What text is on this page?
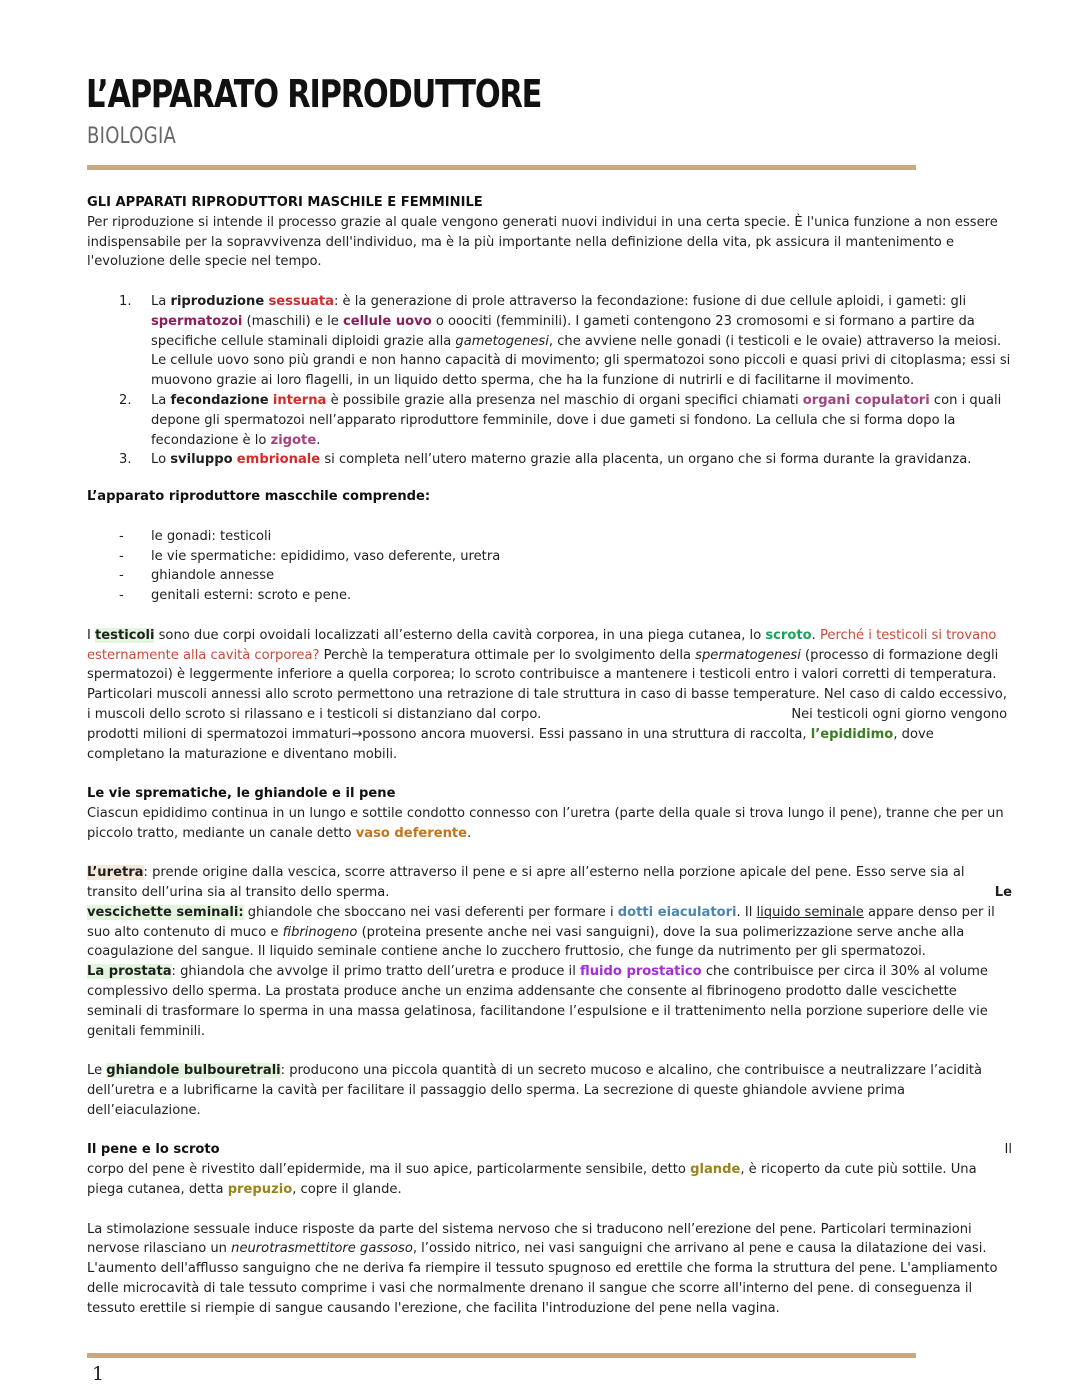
L’APPARATO RIPRODUTTORE
BIOLOGIA

GLI APPARATI RIPRODUTTORI MASCHILE E FEMMINILE

Per riproduzione si intende il processo grazie al quale vengono generati nuovi individui in una certa specie. È l'unica funzione a non essere indispensabile per la sopravvivenza dell'individuo, ma è la più importante nella definizione della vita, pk assicura il mantenimento e l'evoluzione delle specie nel tempo.

1. La riproduzione sessuata: è la generazione di prole attraverso la fecondazione: fusione di due cellule aploidi, i gameti: gli spermatozoi (maschili) e le cellule uovo o ooociti (femminili). I gameti contengono 23 cromosomi e si formano a partire da specifiche cellule staminali diploidi grazie alla gametogenesi, che avviene nelle gonadi (i testicoli e le ovaie) attraverso la meiosi. Le cellule uovo sono più grandi e non hanno capacità di movimento; gli spermatozoi sono piccoli e quasi privi di citoplasma; essi si muovono grazie ai loro flagelli, in un liquido detto sperma, che ha la funzione di nutrirli e di facilitarne il movimento.
2. La fecondazione interna è possibile grazie alla presenza nel maschio di organi specifici chiamati organi copulatori con i quali depone gli spermatozoi nell’apparato riproduttore femminile, dove i due gameti si fondono. La cellula che si forma dopo la fecondazione è lo zigote.
3. Lo sviluppo embrionale si completa nell’utero materno grazie alla placenta, un organo che si forma durante la gravidanza.

L’apparato riproduttore mascchile comprende:

- le gonadi: testicoli
- le vie spermatiche: epididimo, vaso deferente, uretra
- ghiandole annesse
- genitali esterni: scroto e pene.

I testicoli sono due corpi ovoidali localizzati all’esterno della cavità corporea, in una piega cutanea, lo scroto. Perché i testicoli si trovano esternamente alla cavità corporea? Perchè la temperatura ottimale per lo svolgimento della spermatogenesi (processo di formazione degli spermatozoi) è leggermente inferiore a quella corporea; lo scroto contribuisce a mantenere i testicoli entro i valori corretti di temperatura. Particolari muscoli annessi allo scroto permettono una retrazione di tale struttura in caso di basse temperature. Nel caso di caldo eccessivo, i muscoli dello scroto si rilassano e i testicoli si distanziano dal corpo.	Nei testicoli ogni giorno vengono
prodotti milioni di spermatozoi immaturi→possono ancora muoversi. Essi passano in una struttura di raccolta, l’epididimo, dove completano la maturazione e diventano mobili.

Le vie sprematiche, le ghiandole e il pene

Ciascun epididimo continua in un lungo e sottile condotto connesso con l’uretra (parte della quale si trova lungo il pene), tranne che per un piccolo tratto, mediante un canale detto vaso deferente.

L’uretra: prende origine dalla vescica, scorre attraverso il pene e si apre all’esterno nella porzione apicale del pene. Esso serve sia al transito dell’urina sia al transito dello sperma.	Le

vescichette seminali: ghiandole che sboccano nei vasi deferenti per formare i dotti eiaculatori. Il liquido seminale appare denso per il suo alto contenuto di muco e fibrinogeno (proteina presente anche nei vasi sanguigni), dove la sua polimerizzazione serve anche alla coagulazione del sangue. Il liquido seminale contiene anche lo zucchero fruttosio, che funge da nutrimento per gli spermatozoi.

La prostata: ghiandola che avvolge il primo tratto dell’uretra e produce il fluido prostatico che contribuisce per circa il 30% al volume complessivo dello sperma. La prostata produce anche un enzima addensante che consente al fibrinogeno prodotto dalle vescichette seminali di trasformare lo sperma in una massa gelatinosa, facilitandone l’espulsione e il trattenimento nella porzione superiore delle vie genitali femminili.

Le ghiandole bulbouretrali: producono una piccola quantità di un secreto mucoso e alcalino, che contribuisce a neutralizzare l’acidità dell’uretra e a lubrificarne la cavità per facilitare il passaggio dello sperma. La secrezione di queste ghiandole avviene prima dell’eiaculazione.

Il pene e lo scroto	Il

corpo del pene è rivestito dall’epidermide, ma il suo apice, particolarmente sensibile, detto glande, è ricoperto da cute più sottile. Una piega cutanea, detta prepuzio, copre il glande.

La stimolazione sessuale induce risposte da parte del sistema nervoso che si traducono nell’erezione del pene. Particolari terminazioni nervose rilasciano un neurotrasmettitore gassoso, l’ossido nitrico, nei vasi sanguigni che arrivano al pene e causa la dilatazione dei vasi. L'aumento dell'afflusso sanguigno che ne deriva fa riempire il tessuto spugnoso ed erettile che forma la struttura del pene. L'ampliamento delle microcavità di tale tessuto comprime i vasi che normalmente drenano il sangue che scorre all'interno del pene. di conseguenza il tessuto erettile si riempie di sangue causando l'erezione, che facilita l'introduzione del pene nella vagina.

1
